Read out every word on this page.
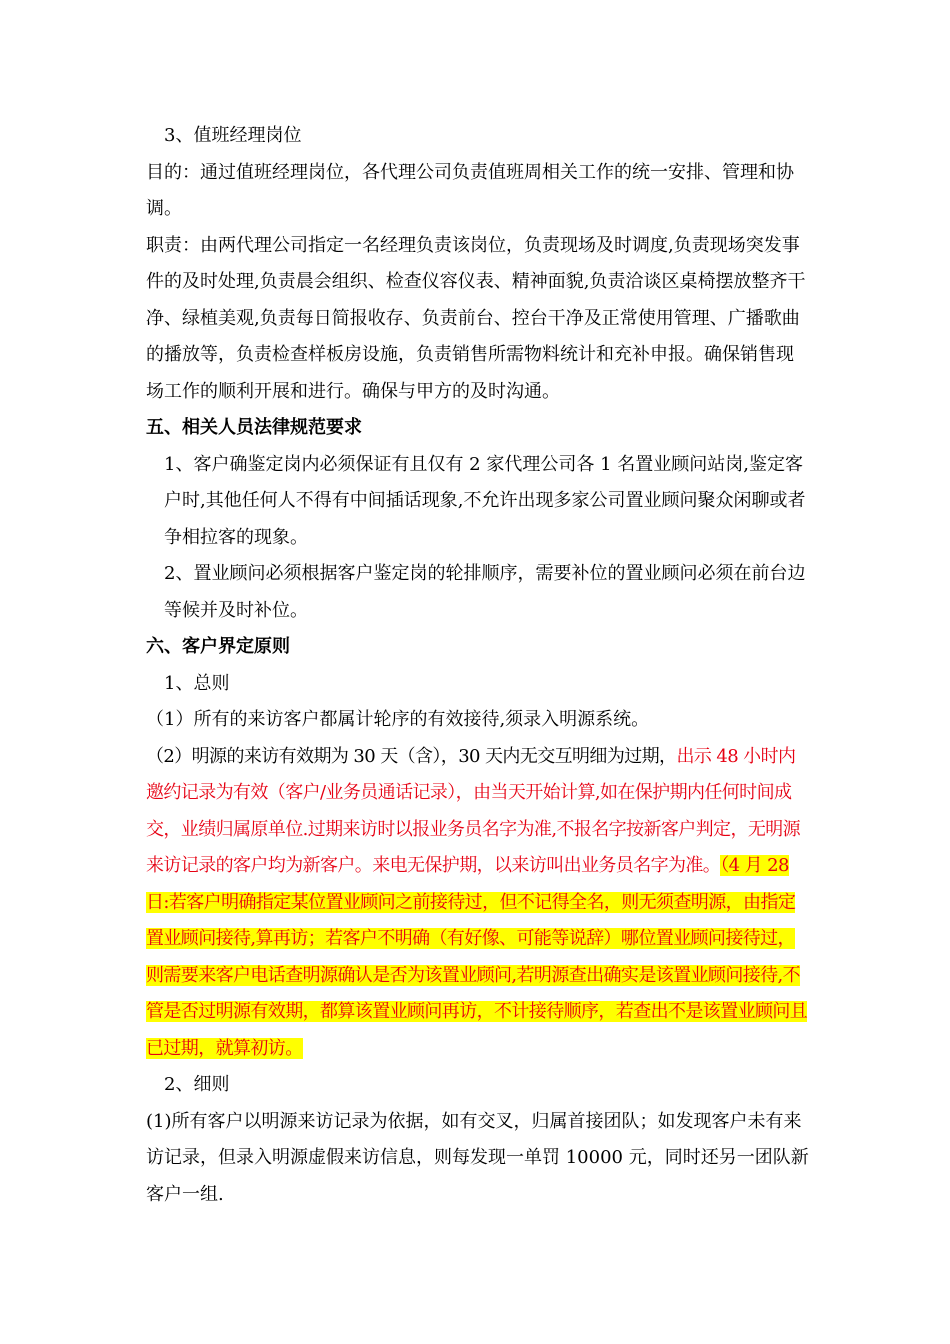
3、值班经理岗位

目的：通过值班经理岗位，各代理公司负责值班周相关工作的统一安排、管理和协调。

职责：由两代理公司指定一名经理负责该岗位，负责现场及时调度,负责现场突发事件的及时处理,负责晨会组织、检查仪容仪表、精神面貌,负责洽谈区桌椅摆放整齐干净、绿植美观,负责每日简报收存、负责前台、控台干净及正常使用管理、广播歌曲的播放等，负责检查样板房设施，负责销售所需物料统计和充补申报。确保销售现场工作的顺利开展和进行。确保与甲方的及时沟通。

五、相关人员法律规范要求

1、客户确鉴定岗内必须保证有且仅有 2 家代理公司各 1 名置业顾问站岗,鉴定客户时,其他任何人不得有中间插话现象,不允许出现多家公司置业顾问聚众闲聊或者争相拉客的现象。

2、置业顾问必须根据客户鉴定岗的轮排顺序，需要补位的置业顾问必须在前台边等候并及时补位。

六、客户界定原则

1、总则

（1）所有的来访客户都属计轮序的有效接待,须录入明源系统。

（2）明源的来访有效期为 30 天（含），30 天内无交互明细为过期，出示 48 小时内邀约记录为有效（客户/业务员通话记录），由当天开始计算,如在保护期内任何时间成交，业绩归属原单位.过期来访时以报业务员名字为准,不报名字按新客户判定，无明源来访记录的客户均为新客户。来电无保护期，以来访叫出业务员名字为准。（4 月 28 日:若客户明确指定某位置业顾问之前接待过，但不记得全名，则无须查明源，由指定置业顾问接待,算再访；若客户不明确（有好像、可能等说辞）哪位置业顾问接待过，则需要来客户电话查明源确认是否为该置业顾问,若明源查出确实是该置业顾问接待,不管是否过明源有效期，都算该置业顾问再访，不计接待顺序，若查出不是该置业顾问且已过期，就算初访。

2、细则

(1)所有客户以明源来访记录为依据，如有交叉，归属首接团队；如发现客户未有来访记录，但录入明源虚假来访信息，则每发现一单罚 10000 元，同时还另一团队新客户一组.
